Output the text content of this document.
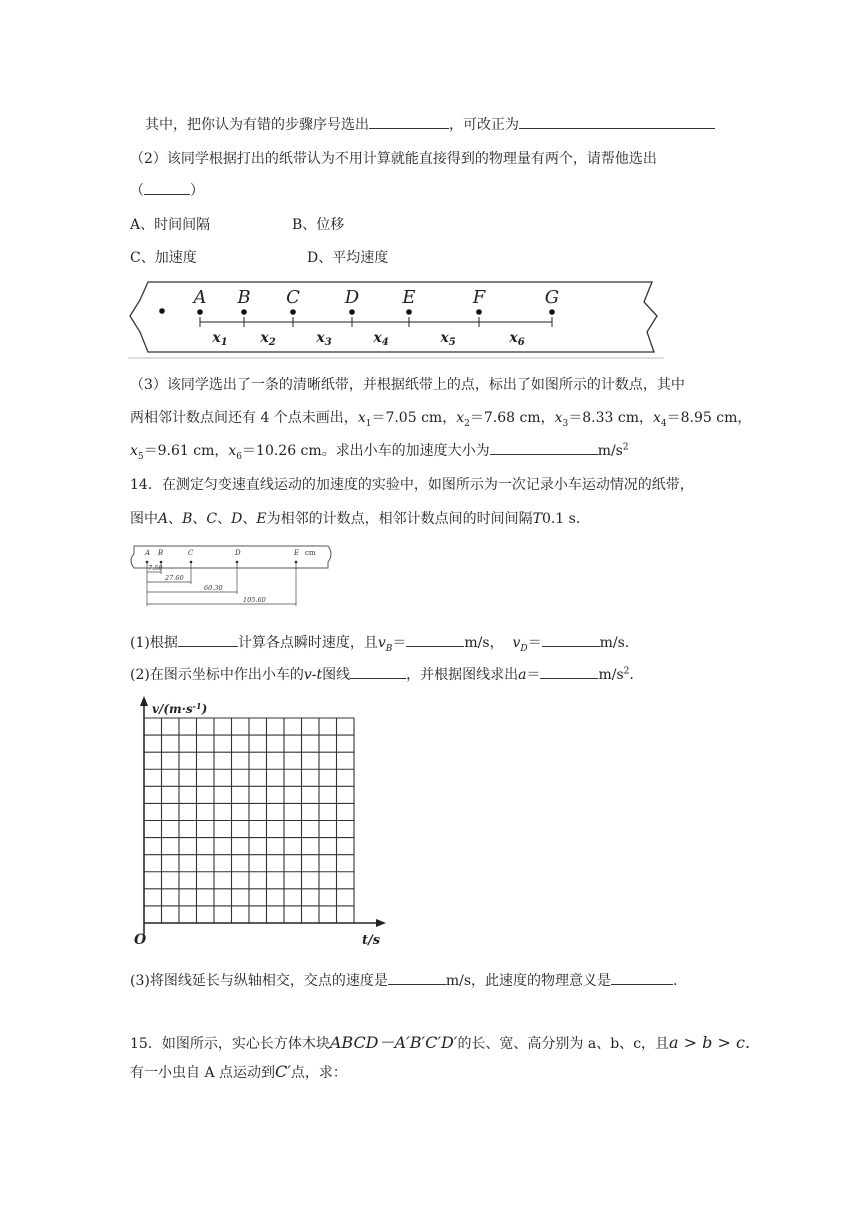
其中，把你认为有错的步骤序号选出	，可改正为
（2）该同学根据打出的纸带认为不用计算就能直接得到的物理量有两个，请帮他选出
（	）
A、时间间隔	B、位移
C、加速度	D、平均速度
A B C D E	F	G
$x_1$ $x_2$	$x_3$	$x_4$	$x_5$	$x_6$
（3）该同学选出了一条的清晰纸带，并根据纸带上的点，标出了如图所示的计数点，其中
两相邻计数点间还有 4 个点未画出，$x_1=7.05$ cm，$x_2=7.68$ cm，$x_3=8.33$ cm，$x_4=8.95$ cm，
$x_5=9.61$ cm，$x_6=10.26$ cm。求出小车的加速度大小为	$m/s^2$
14．在测定匀变速直线运动的加速度的实验中，如图所示为一次记录小车运动情况的纸带，
图中A、B、C、D、E为相邻的计数点，相邻计数点间的时间间隔T0.1 s.
A B	C	D	E cm
7.50
27.60
60.30
105.60
(1)根据	计算各点瞬时速度，且$v_B=$	m/s， $v_D=$	m/s.
(2)在图示坐标中作出小车的v-t图线	，并根据图线求出a＝	$m/s^2$.
$v/(m\cdot s^{-1})$
O	t/s
(3)将图线延长与纵轴相交，交点的速度是	m/s，此速度的物理意义是	.
15．如图所示，实心长方体木块ABCD－A′B′C′D′的长、宽、高分别为 a、b、c，且a > b > c.
有一小虫自 A 点运动到C′点，求：
